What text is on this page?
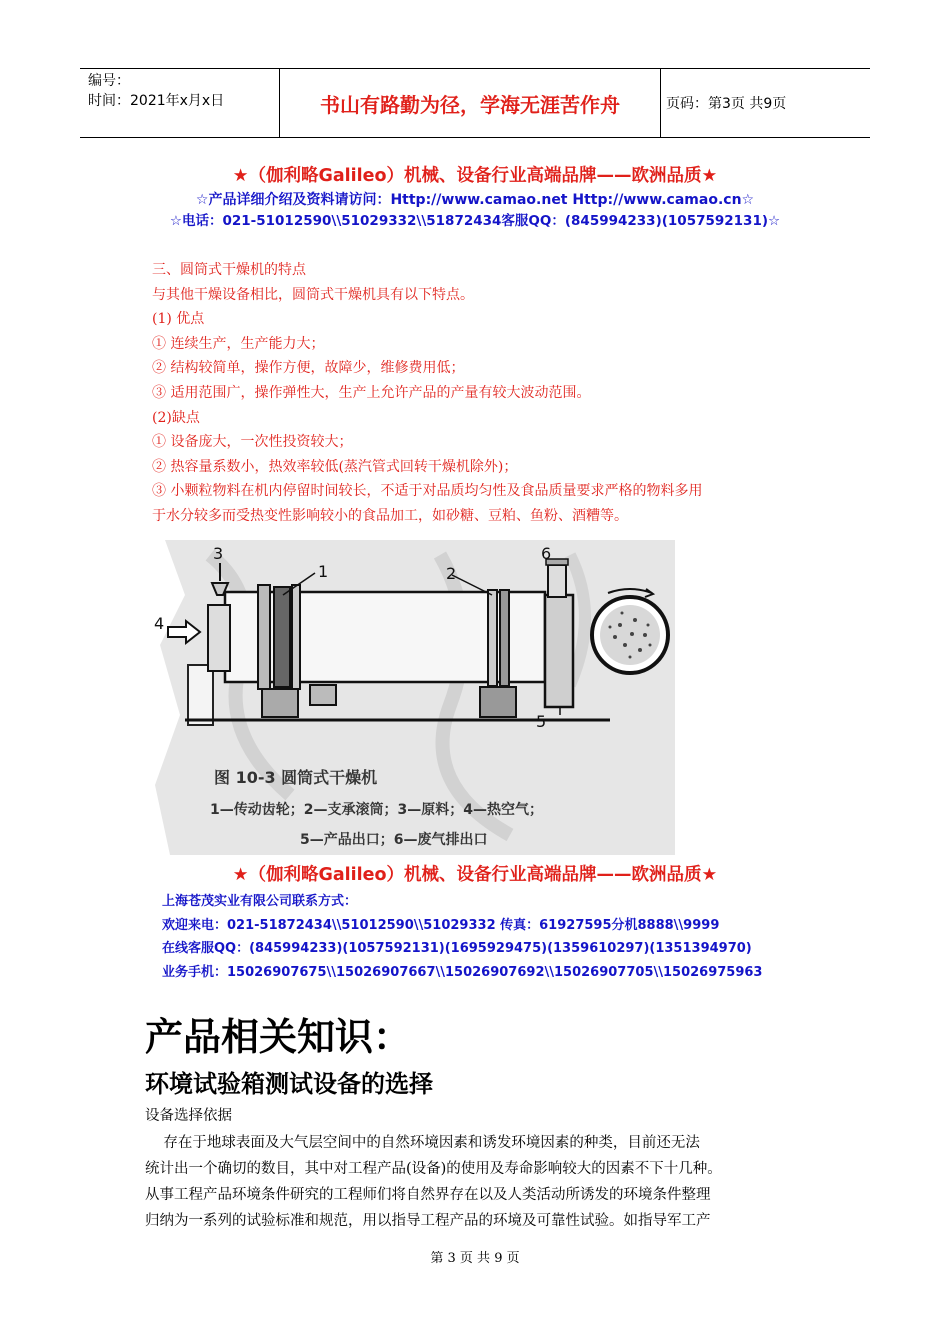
编号：
时间：2021年x月x日	书山有路勤为径，学海无涯苦作舟	页码：第3页 共9页
★（伽利略Galileo）机械、设备行业高端品牌——欧洲品质★
☆产品详细介绍及资料请访问：Http://www.camao.net Http://www.camao.cn☆
☆电话：021-51012590\\51029332\\51872434客服QQ：(845994233)(1057592131)☆
三、圆筒式干燥机的特点
与其他干燥设备相比，圆筒式干燥机具有以下特点。
(1) 优点
① 连续生产，生产能力大；
② 结构较简单，操作方便，故障少，维修费用低；
③ 适用范围广，操作弹性大，生产上允许产品的产量有较大波动范围。
(2)缺点
① 设备庞大，一次性投资较大；
② 热容量系数小，热效率较低(蒸汽管式回转干燥机除外)；
③ 小颗粒物料在机内停留时间较长，不适于对品质均匀性及食品质量要求严格的物料多用
于水分较多而受热变性影响较小的食品加工，如砂糖、豆粕、鱼粉、酒糟等。
1	2
3
4
5
6
图 10-3 圆筒式干燥机
1—传动齿轮；2—支承滚筒；3—原料；4—热空气；
5—产品出口；6—废气排出口
★（伽利略Galileo）机械、设备行业高端品牌——欧洲品质★
上海苍茂实业有限公司联系方式：
欢迎来电：021-51872434\\51012590\\51029332 传真：61927595分机8888\\9999
在线客服QQ：(845994233)(1057592131)(1695929475)(1359610297)(1351394970)
业务手机：15026907675\\15026907667\\15026907692\\15026907705\\15026975963
产品相关知识：
环境试验箱测试设备的选择
设备选择依据
存在于地球表面及大气层空间中的自然环境因素和诱发环境因素的种类，目前还无法
统计出一个确切的数目，其中对工程产品(设备)的使用及寿命影响较大的因素不下十几种。
从事工程产品环境条件研究的工程师们将自然界存在以及人类活动所诱发的环境条件整理
归纳为一系列的试验标准和规范，用以指导工程产品的环境及可靠性试验。如指导军工产
第 3 页 共 9 页
